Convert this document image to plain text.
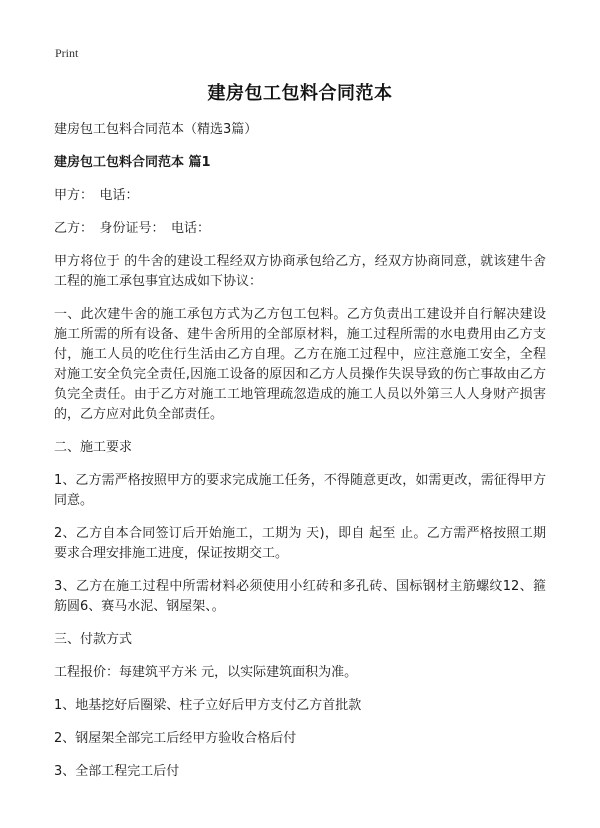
Print
建房包工包料合同范本

建房包工包料合同范本（精选3篇）

建房包工包料合同范本 篇1

甲方：　电话：

乙方：　身份证号：　电话：

甲方将位于 的牛舍的建设工程经双方协商承包给乙方，经双方协商同意，就该建牛舍工程的施工承包事宜达成如下协议：

一、此次建牛舍的施工承包方式为乙方包工包料。乙方负责出工建设并自行解决建设施工所需的所有设备、建牛舍所用的全部原材料，施工过程所需的水电费用由乙方支付，施工人员的吃住行生活由乙方自理。乙方在施工过程中，应注意施工安全，全程对施工安全负完全责任,因施工设备的原因和乙方人员操作失误导致的伤亡事故由乙方负完全责任。由于乙方对施工工地管理疏忽造成的施工人员以外第三人人身财产损害的，乙方应对此负全部责任。

二、施工要求

1、乙方需严格按照甲方的要求完成施工任务，不得随意更改，如需更改，需征得甲方同意。

2、乙方自本合同签订后开始施工，工期为 天)，即自 起至 止。乙方需严格按照工期要求合理安排施工进度，保证按期交工。

3、乙方在施工过程中所需材料必须使用小红砖和多孔砖、国标钢材主筋螺纹12、箍筋圆6、赛马水泥、钢屋架、。

三、付款方式

工程报价：每建筑平方米 元，以实际建筑面积为准。

1、地基挖好后圈梁、柱子立好后甲方支付乙方首批款

2、钢屋架全部完工后经甲方验收合格后付

3、全部工程完工后付
